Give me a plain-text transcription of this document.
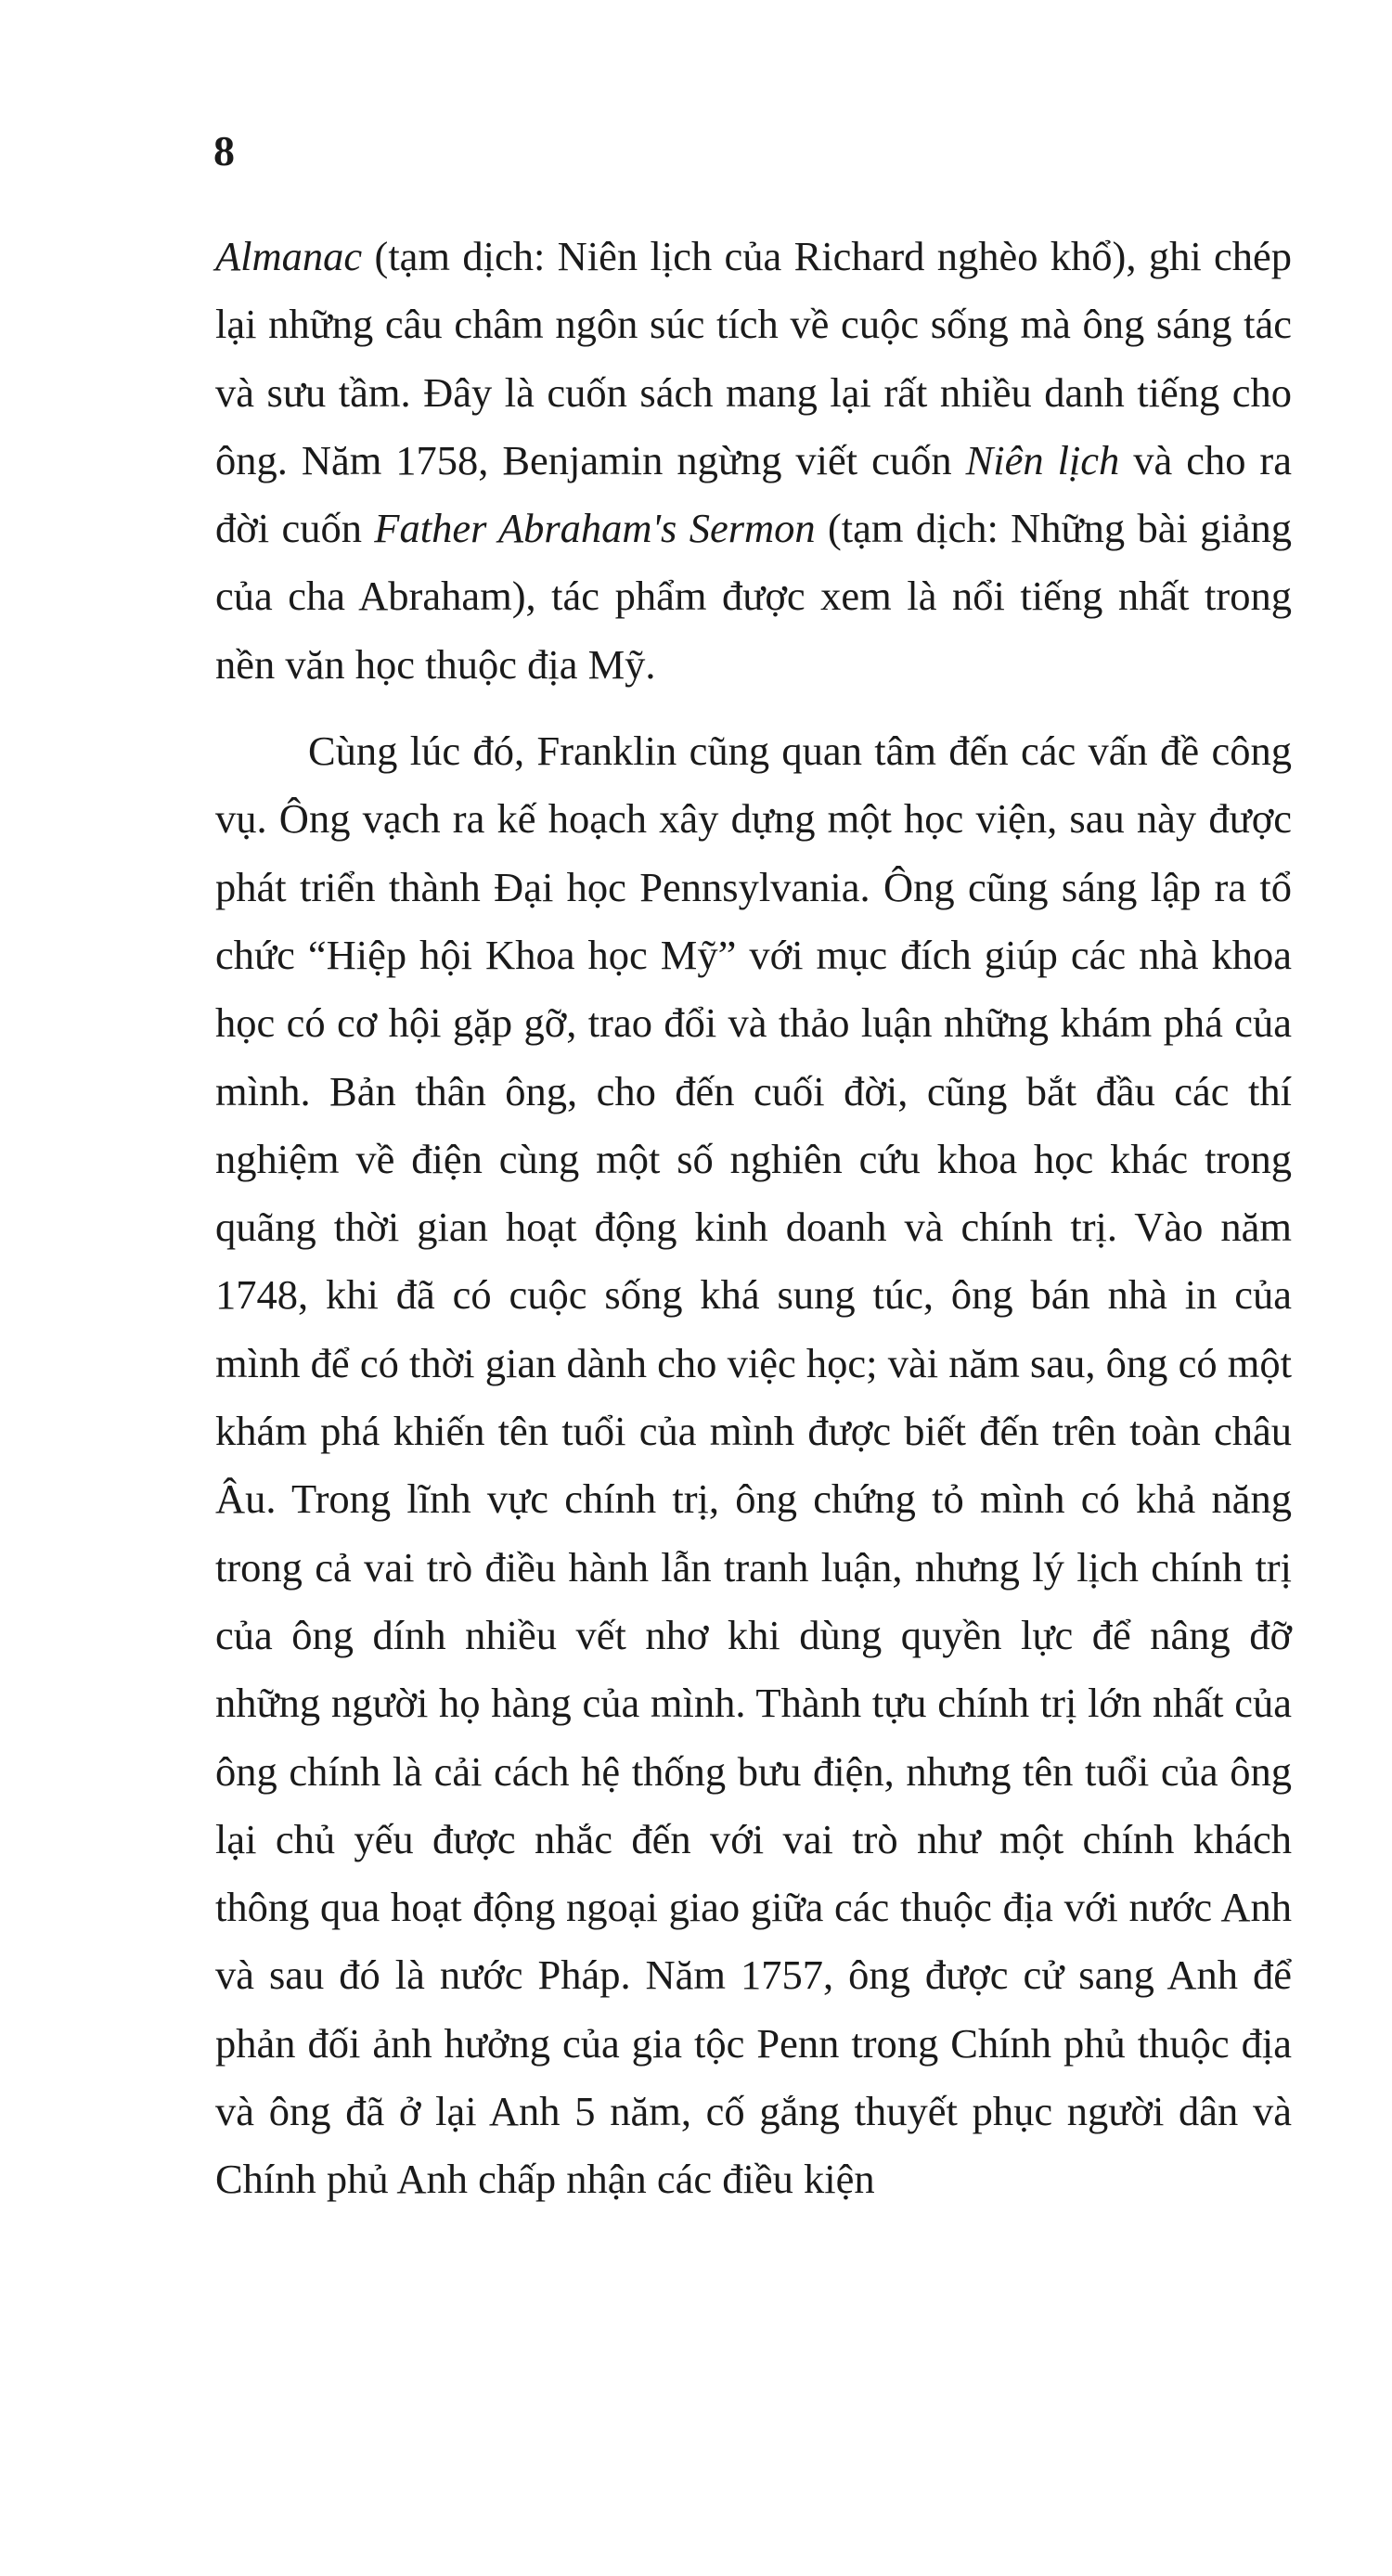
8

Almanac (tạm dịch: Niên lịch của Richard nghèo khổ), ghi chép lại những câu châm ngôn súc tích về cuộc sống mà ông sáng tác và sưu tầm. Đây là cuốn sách mang lại rất nhiều danh tiếng cho ông. Năm 1758, Benjamin ngừng viết cuốn Niên lịch và cho ra đời cuốn Father Abraham's Sermon (tạm dịch: Những bài giảng của cha Abraham), tác phẩm được xem là nổi tiếng nhất trong nền văn học thuộc địa Mỹ.

Cùng lúc đó, Franklin cũng quan tâm đến các vấn đề công vụ. Ông vạch ra kế hoạch xây dựng một học viện, sau này được phát triển thành Đại học Pennsylvania. Ông cũng sáng lập ra tổ chức “Hiệp hội Khoa học Mỹ” với mục đích giúp các nhà khoa học có cơ hội gặp gỡ, trao đổi và thảo luận những khám phá của mình. Bản thân ông, cho đến cuối đời, cũng bắt đầu các thí nghiệm về điện cùng một số nghiên cứu khoa học khác trong quãng thời gian hoạt động kinh doanh và chính trị. Vào năm 1748, khi đã có cuộc sống khá sung túc, ông bán nhà in của mình để có thời gian dành cho việc học; vài năm sau, ông có một khám phá khiến tên tuổi của mình được biết đến trên toàn châu Âu. Trong lĩnh vực chính trị, ông chứng tỏ mình có khả năng trong cả vai trò điều hành lẫn tranh luận, nhưng lý lịch chính trị của ông dính nhiều vết nhơ khi dùng quyền lực để nâng đỡ những người họ hàng của mình. Thành tựu chính trị lớn nhất của ông chính là cải cách hệ thống bưu điện, nhưng tên tuổi của ông lại chủ yếu được nhắc đến với vai trò như một chính khách thông qua hoạt động ngoại giao giữa các thuộc địa với nước Anh và sau đó là nước Pháp. Năm 1757, ông được cử sang Anh để phản đối ảnh hưởng của gia tộc Penn trong Chính phủ thuộc địa và ông đã ở lại Anh 5 năm, cố gắng thuyết phục người dân và Chính phủ Anh chấp nhận các điều kiện
